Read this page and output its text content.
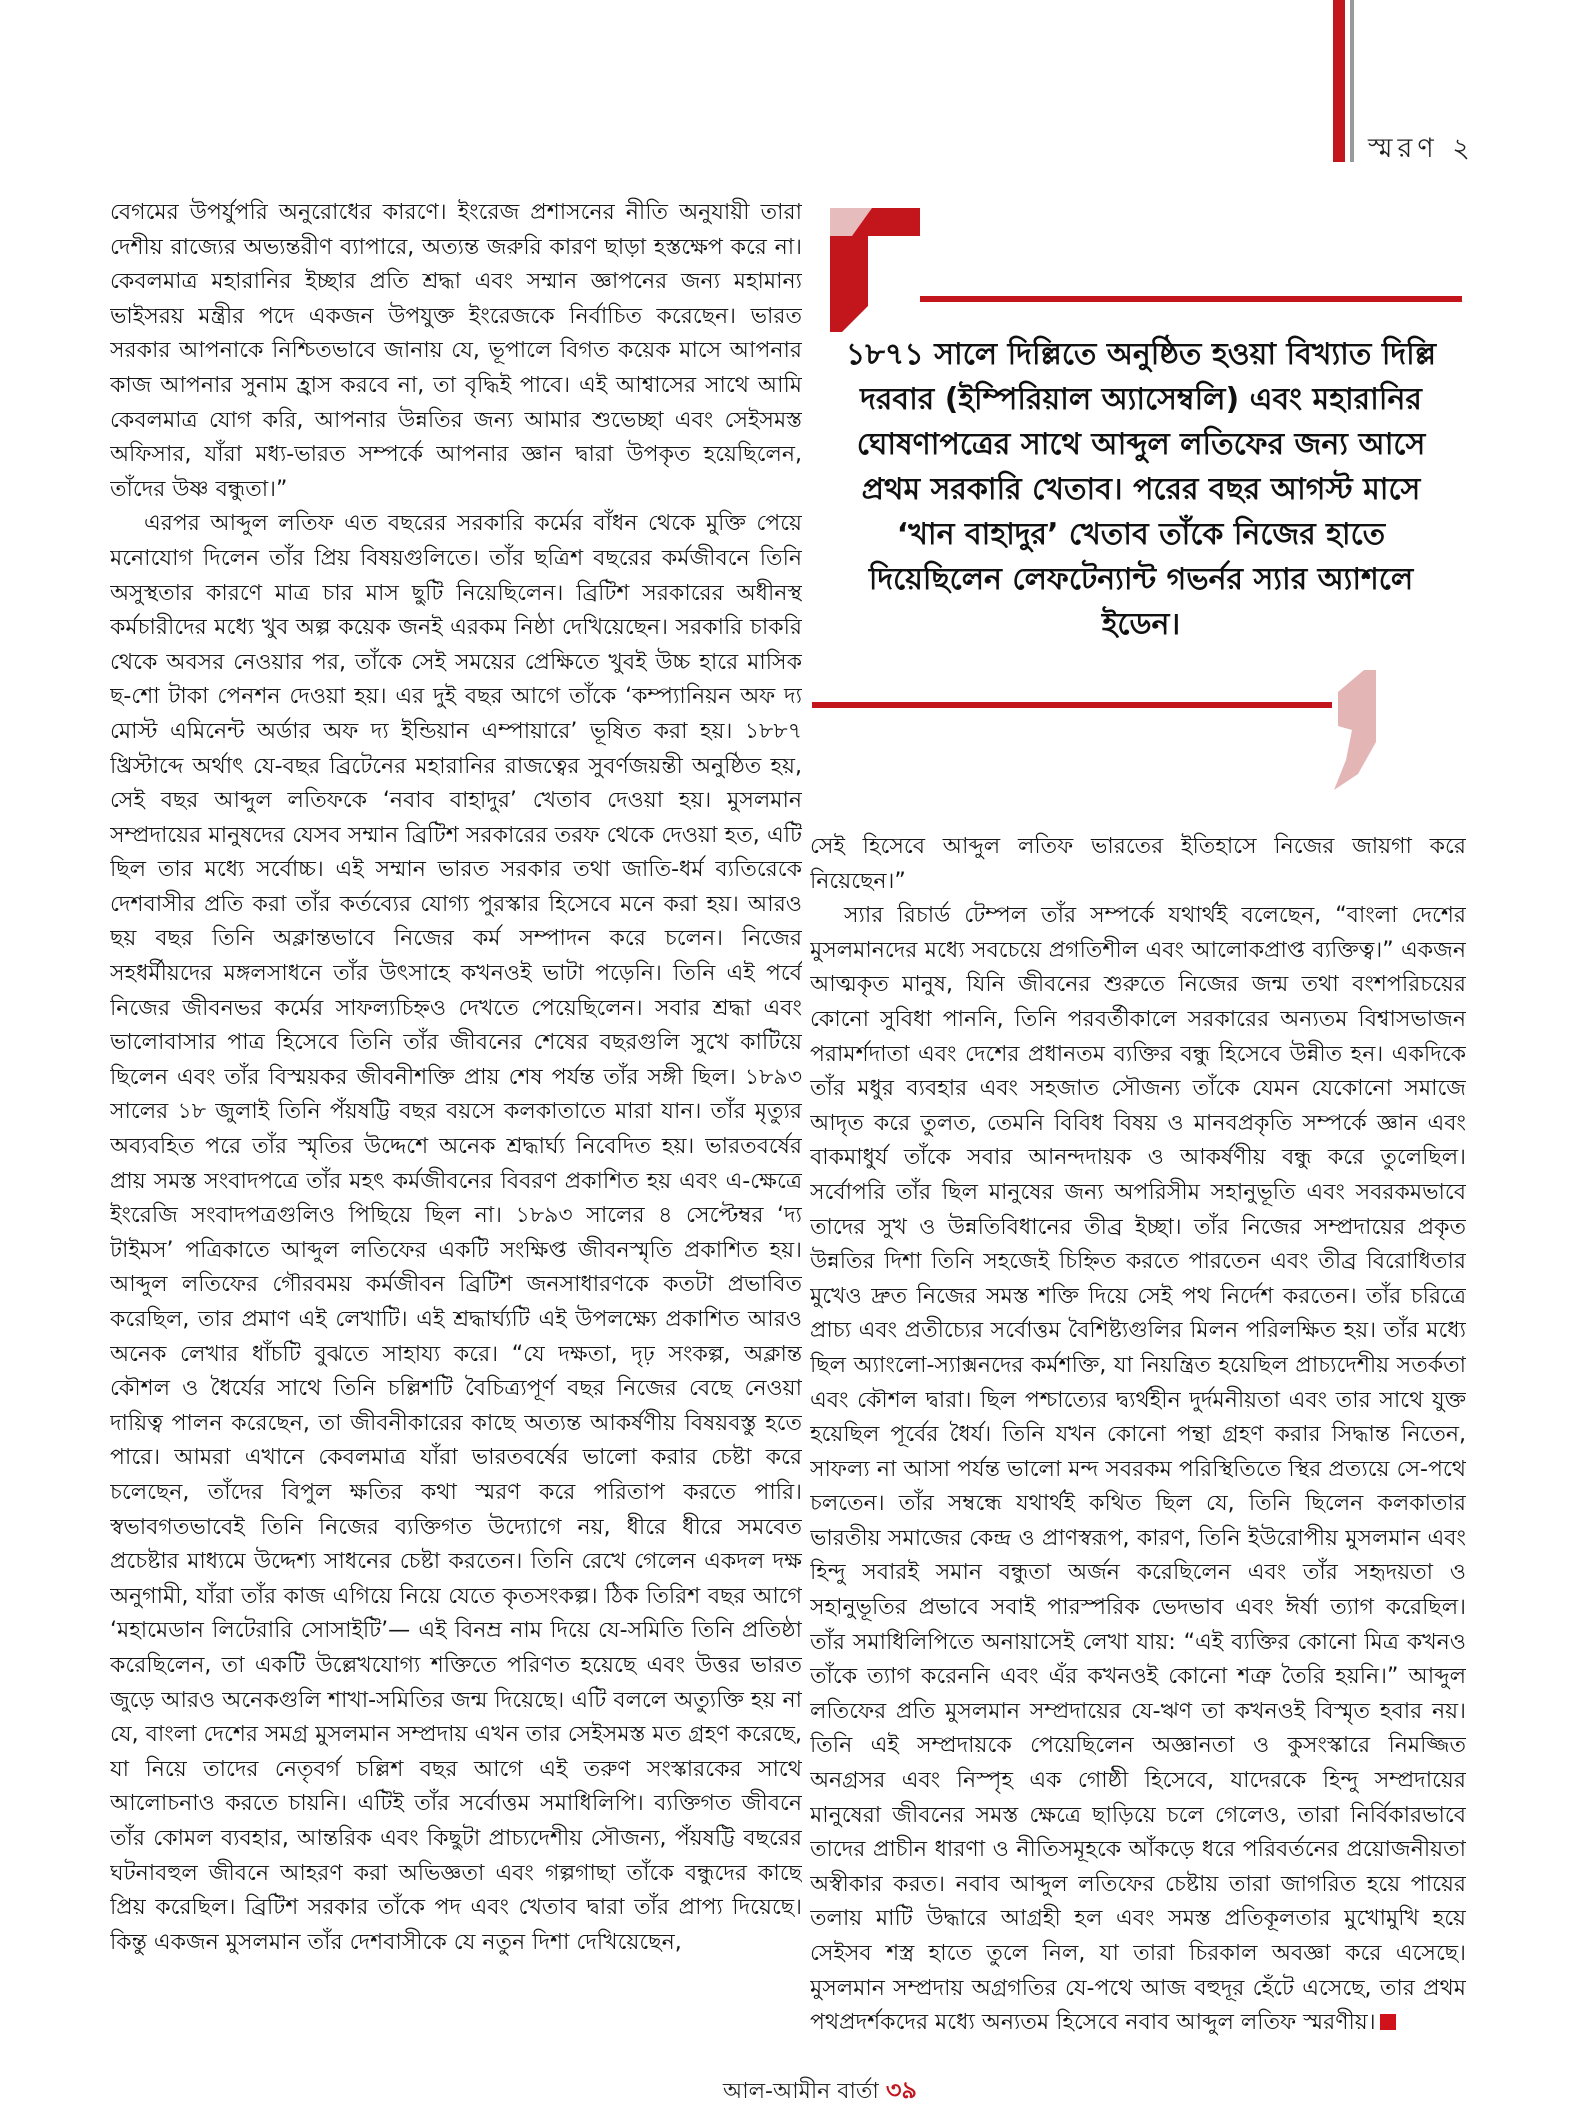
স্মরণ ২

বেগমের উপর্যুপরি অনুরোধের কারণে। ইংরেজ প্রশাসনের নীতি অনুযায়ী তারা দেশীয় রাজ্যের অভ্যন্তরীণ ব্যাপারে, অত্যন্ত জরুরি কারণ ছাড়া হস্তক্ষেপ করে না। কেবলমাত্র মহারানির ইচ্ছার প্রতি শ্রদ্ধা এবং সম্মান জ্ঞাপনের জন্য মহামান্য ভাইসরয় মন্ত্রীর পদে একজন উপযুক্ত ইংরেজকে নির্বাচিত করেছেন। ভারত সরকার আপনাকে নিশ্চিতভাবে জানায় যে, ভূপালে বিগত কয়েক মাসে আপনার কাজ আপনার সুনাম হ্রাস করবে না, তা বৃদ্ধিই পাবে। এই আশ্বাসের সাথে আমি কেবলমাত্র যোগ করি, আপনার উন্নতির জন্য আমার শুভেচ্ছা এবং সেইসমস্ত অফিসার, যাঁরা মধ্য-ভারত সম্পর্কে আপনার জ্ঞান দ্বারা উপকৃত হয়েছিলেন, তাঁদের উষ্ণ বন্ধুতা।”

এরপর আব্দুল লতিফ এত বছরের সরকারি কর্মের বাঁধন থেকে মুক্তি পেয়ে মনোযোগ দিলেন তাঁর প্রিয় বিষয়গুলিতে। তাঁর ছত্রিশ বছরের কর্মজীবনে তিনি অসুস্থতার কারণে মাত্র চার মাস ছুটি নিয়েছিলেন। ব্রিটিশ সরকারের অধীনস্থ কর্মচারীদের মধ্যে খুব অল্প কয়েক জনই এরকম নিষ্ঠা দেখিয়েছেন। সরকারি চাকরি থেকে অবসর নেওয়ার পর, তাঁকে সেই সময়ের প্রেক্ষিতে খুবই উচ্চ হারে মাসিক ছ-শো টাকা পেনশন দেওয়া হয়। এর দুই বছর আগে তাঁকে ‘কম্প্যানিয়ন অফ দ্য মোস্ট এমিনেন্ট অর্ডার অফ দ্য ইন্ডিয়ান এম্পায়ারে’ ভূষিত করা হয়। ১৮৮৭ খ্রিস্টাব্দে অর্থাৎ যে-বছর ব্রিটেনের মহারানির রাজত্বের সুবর্ণজয়ন্তী অনুষ্ঠিত হয়, সেই বছর আব্দুল লতিফকে ‘নবাব বাহাদুর’ খেতাব দেওয়া হয়। মুসলমান সম্প্রদায়ের মানুষদের যেসব সম্মান ব্রিটিশ সরকারের তরফ থেকে দেওয়া হত, এটি ছিল তার মধ্যে সর্বোচ্চ। এই সম্মান ভারত সরকার তথা জাতি-ধর্ম ব্যতিরেকে দেশবাসীর প্রতি করা তাঁর কর্তব্যের যোগ্য পুরস্কার হিসেবে মনে করা হয়। আরও ছয় বছর তিনি অক্লান্তভাবে নিজের কর্ম সম্পাদন করে চলেন। নিজের সহধর্মীয়দের মঙ্গলসাধনে তাঁর উৎসাহে কখনওই ভাটা পড়েনি। তিনি এই পর্বে নিজের জীবনভর কর্মের সাফল্যচিহ্নও দেখতে পেয়েছিলেন। সবার শ্রদ্ধা এবং ভালোবাসার পাত্র হিসেবে তিনি তাঁর জীবনের শেষের বছরগুলি সুখে কাটিয়ে ছিলেন এবং তাঁর বিস্ময়কর জীবনীশক্তি প্রায় শেষ পর্যন্ত তাঁর সঙ্গী ছিল। ১৮৯৩ সালের ১৮ জুলাই তিনি পঁয়ষট্টি বছর বয়সে কলকাতাতে মারা যান। তাঁর মৃত্যুর অব্যবহিত পরে তাঁর স্মৃতির উদ্দেশে অনেক শ্রদ্ধার্ঘ্য নিবেদিত হয়। ভারতবর্ষের প্রায় সমস্ত সংবাদপত্রে তাঁর মহৎ কর্মজীবনের বিবরণ প্রকাশিত হয় এবং এ-ক্ষেত্রে ইংরেজি সংবাদপত্রগুলিও পিছিয়ে ছিল না। ১৮৯৩ সালের ৪ সেপ্টেম্বর ‘দ্য টাইমস’ পত্রিকাতে আব্দুল লতিফের একটি সংক্ষিপ্ত জীবনস্মৃতি প্রকাশিত হয়। আব্দুল লতিফের গৌরবময় কর্মজীবন ব্রিটিশ জনসাধারণকে কতটা প্রভাবিত করেছিল, তার প্রমাণ এই লেখাটি। এই শ্রদ্ধার্ঘ্যটি এই উপলক্ষ্যে প্রকাশিত আরও অনেক লেখার ধাঁচটি বুঝতে সাহায্য করে। “যে দক্ষতা, দৃঢ় সংকল্প, অক্লান্ত কৌশল ও ধৈর্যের সাথে তিনি চল্লিশটি বৈচিত্র্যপূর্ণ বছর নিজের বেছে নেওয়া দায়িত্ব পালন করেছেন, তা জীবনীকারের কাছে অত্যন্ত আকর্ষণীয় বিষয়বস্তু হতে পারে। আমরা এখানে কেবলমাত্র যাঁরা ভারতবর্ষের ভালো করার চেষ্টা করে চলেছেন, তাঁদের বিপুল ক্ষতির কথা স্মরণ করে পরিতাপ করতে পারি। স্বভাবগতভাবেই তিনি নিজের ব্যক্তিগত উদ্যোগে নয়, ধীরে ধীরে সমবেত প্রচেষ্টার মাধ্যমে উদ্দেশ্য সাধনের চেষ্টা করতেন। তিনি রেখে গেলেন একদল দক্ষ অনুগামী, যাঁরা তাঁর কাজ এগিয়ে নিয়ে যেতে কৃতসংকল্প। ঠিক তিরিশ বছর আগে ‘মহামেডান লিটেরারি সোসাইটি’— এই বিনম্র নাম দিয়ে যে-সমিতি তিনি প্রতিষ্ঠা করেছিলেন, তা একটি উল্লেখযোগ্য শক্তিতে পরিণত হয়েছে এবং উত্তর ভারত জুড়ে আরও অনেকগুলি শাখা-সমিতির জন্ম দিয়েছে। এটি বললে অত্যুক্তি হয় না যে, বাংলা দেশের সমগ্র মুসলমান সম্প্রদায় এখন তার সেইসমস্ত মত গ্রহণ করেছে, যা নিয়ে তাদের নেতৃবর্গ চল্লিশ বছর আগে এই তরুণ সংস্কারকের সাথে আলোচনাও করতে চায়নি। এটিই তাঁর সর্বোত্তম সমাধিলিপি। ব্যক্তিগত জীবনে তাঁর কোমল ব্যবহার, আন্তরিক এবং কিছুটা প্রাচ্যদেশীয় সৌজন্য, পঁয়ষট্টি বছরের ঘটনাবহুল জীবনে আহরণ করা অভিজ্ঞতা এবং গল্পগাছা তাঁকে বন্ধুদের কাছে প্রিয় করেছিল। ব্রিটিশ সরকার তাঁকে পদ এবং খেতাব দ্বারা তাঁর প্রাপ্য দিয়েছে। কিন্তু একজন মুসলমান তাঁর দেশবাসীকে যে নতুন দিশা দেখিয়েছেন,

১৮৭১ সালে দিল্লিতে অনুষ্ঠিত হওয়া বিখ্যাত দিল্লি দরবার (ইম্পিরিয়াল অ্যাসেম্বলি) এবং মহারানির ঘোষণাপত্রের সাথে আব্দুল লতিফের জন্য আসে প্রথম সরকারি খেতাব। পরের বছর আগস্ট মাসে ‘খান বাহাদুর’ খেতাব তাঁকে নিজের হাতে দিয়েছিলেন লেফটেন্যান্ট গভর্নর স্যার অ্যাশলে ইডেন।

সেই হিসেবে আব্দুল লতিফ ভারতের ইতিহাসে নিজের জায়গা করে নিয়েছেন।”

স্যার রিচার্ড টেম্পল তাঁর সম্পর্কে যথার্থই বলেছেন, “বাংলা দেশের মুসলমানদের মধ্যে সবচেয়ে প্রগতিশীল এবং আলোকপ্রাপ্ত ব্যক্তিত্ব।” একজন আত্মকৃত মানুষ, যিনি জীবনের শুরুতে নিজের জন্ম তথা বংশপরিচয়ের কোনো সুবিধা পাননি, তিনি পরবর্তীকালে সরকারের অন্যতম বিশ্বাসভাজন পরামর্শদাতা এবং দেশের প্রধানতম ব্যক্তির বন্ধু হিসেবে উন্নীত হন। একদিকে তাঁর মধুর ব্যবহার এবং সহজাত সৌজন্য তাঁকে যেমন যেকোনো সমাজে আদৃত করে তুলত, তেমনি বিবিধ বিষয় ও মানবপ্রকৃতি সম্পর্কে জ্ঞান এবং বাকমাধুর্য তাঁকে সবার আনন্দদায়ক ও আকর্ষণীয় বন্ধু করে তুলেছিল। সর্বোপরি তাঁর ছিল মানুষের জন্য অপরিসীম সহানুভূতি এবং সবরকমভাবে তাদের সুখ ও উন্নতিবিধানের তীব্র ইচ্ছা। তাঁর নিজের সম্প্রদায়ের প্রকৃত উন্নতির দিশা তিনি সহজেই চিহ্নিত করতে পারতেন এবং তীব্র বিরোধিতার মুখেও দ্রুত নিজের সমস্ত শক্তি দিয়ে সেই পথ নির্দেশ করতেন। তাঁর চরিত্রে প্রাচ্য এবং প্রতীচ্যের সর্বোত্তম বৈশিষ্ট্যগুলির মিলন পরিলক্ষিত হয়। তাঁর মধ্যে ছিল অ্যাংলো-স্যাক্সনদের কর্মশক্তি, যা নিয়ন্ত্রিত হয়েছিল প্রাচ্যদেশীয় সতর্কতা এবং কৌশল দ্বারা। ছিল পশ্চাত্যের দ্ব্যর্থহীন দুর্দমনীয়তা এবং তার সাথে যুক্ত হয়েছিল পূর্বের ধৈর্য। তিনি যখন কোনো পন্থা গ্রহণ করার সিদ্ধান্ত নিতেন, সাফল্য না আসা পর্যন্ত ভালো মন্দ সবরকম পরিস্থিতিতে স্থির প্রত্যয়ে সে-পথে চলতেন। তাঁর সম্বন্ধে যথার্থই কথিত ছিল যে, তিনি ছিলেন কলকাতার ভারতীয় সমাজের কেন্দ্র ও প্রাণস্বরূপ, কারণ, তিনি ইউরোপীয় মুসলমান এবং হিন্দু সবারই সমান বন্ধুতা অর্জন করেছিলেন এবং তাঁর সহৃদয়তা ও সহানুভূতির প্রভাবে সবাই পারস্পরিক ভেদভাব এবং ঈর্ষা ত্যাগ করেছিল। তাঁর সমাধিলিপিতে অনায়াসেই লেখা যায়: “এই ব্যক্তির কোনো মিত্র কখনও তাঁকে ত্যাগ করেননি এবং এঁর কখনওই কোনো শত্রু তৈরি হয়নি।” আব্দুল লতিফের প্রতি মুসলমান সম্প্রদায়ের যে-ঋণ তা কখনওই বিস্মৃত হবার নয়। তিনি এই সম্প্রদায়কে পেয়েছিলেন অজ্ঞানতা ও কুসংস্কারে নিমজ্জিত অনগ্রসর এবং নিস্পৃহ এক গোষ্ঠী হিসেবে, যাদেরকে হিন্দু সম্প্রদায়ের মানুষেরা জীবনের সমস্ত ক্ষেত্রে ছাড়িয়ে চলে গেলেও, তারা নির্বিকারভাবে তাদের প্রাচীন ধারণা ও নীতিসমূহকে আঁকড়ে ধরে পরিবর্তনের প্রয়োজনীয়তা অস্বীকার করত। নবাব আব্দুল লতিফের চেষ্টায় তারা জাগরিত হয়ে পায়ের তলায় মাটি উদ্ধারে আগ্রহী হল এবং সমস্ত প্রতিকূলতার মুখোমুখি হয়ে সেইসব শস্ত্র হাতে তুলে নিল, যা তারা চিরকাল অবজ্ঞা করে এসেছে। মুসলমান সম্প্রদায় অগ্রগতির যে-পথে আজ বহুদূর হেঁটে এসেছে, তার প্রথম পথপ্রদর্শকদের মধ্যে অন্যতম হিসেবে নবাব আব্দুল লতিফ স্মরণীয়।

আল-আমীন বার্তা ৩৯
